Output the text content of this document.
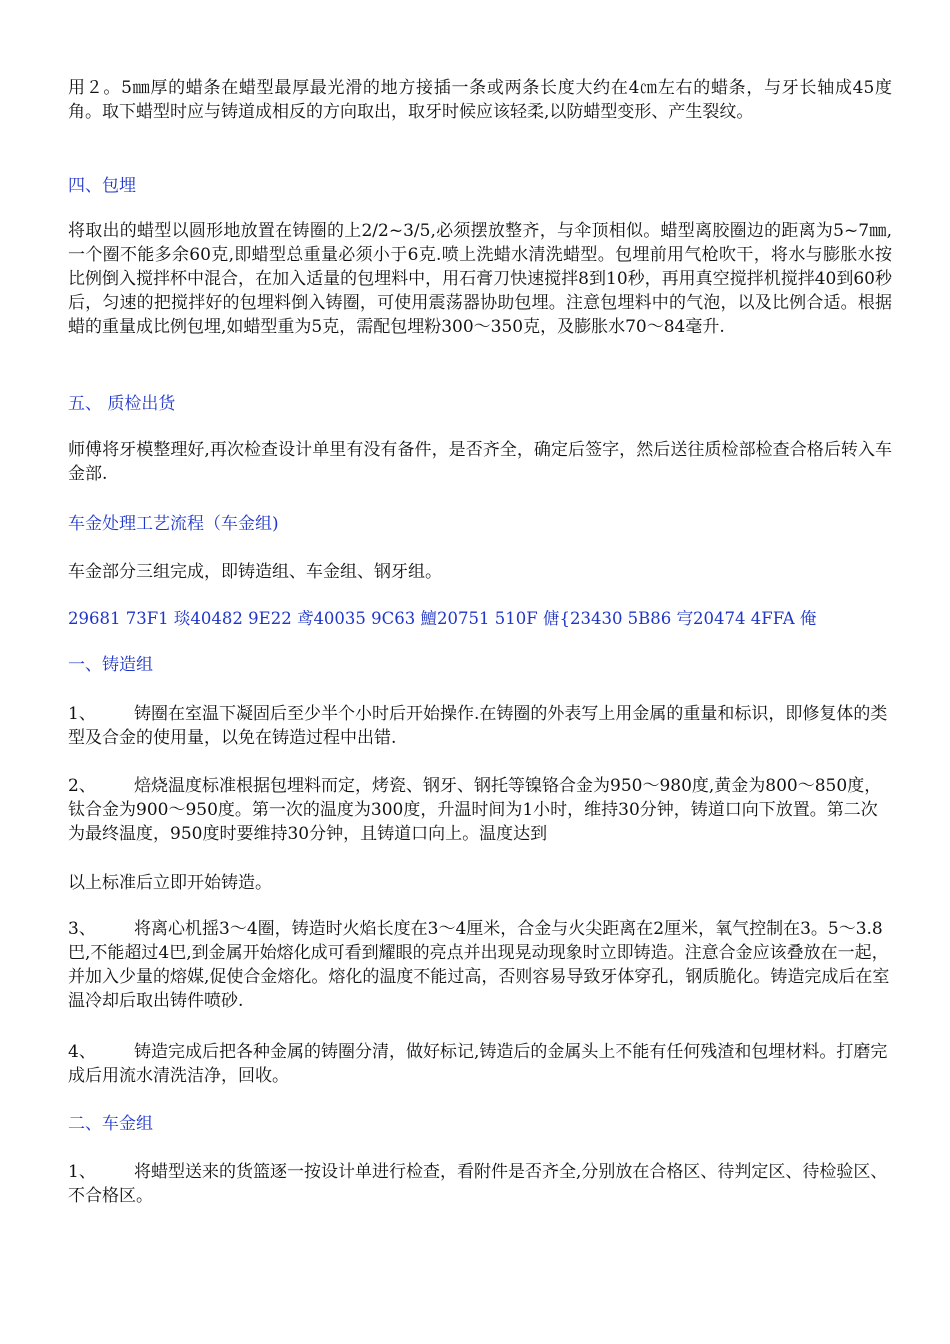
用２。5㎜厚的蜡条在蜡型最厚最光滑的地方接插一条或两条长度大约在4㎝左右的蜡条，与牙长轴成45度角。取下蜡型时应与铸道成相反的方向取出，取牙时候应该轻柔,以防蜡型变形、产生裂纹。

四、包埋

将取出的蜡型以圆形地放置在铸圈的上2/2~3/5,必须摆放整齐，与伞顶相似。蜡型离胶圈边的距离为5~7㎜,一个圈不能多余60克,即蜡型总重量必须小于6克.喷上洗蜡水清洗蜡型。包埋前用气枪吹干，将水与膨胀水按比例倒入搅拌杯中混合，在加入适量的包埋料中，用石膏刀快速搅拌8到10秒，再用真空搅拌机搅拌40到60秒后，匀速的把搅拌好的包埋料倒入铸圈，可使用震荡器协助包埋。注意包埋料中的气泡，以及比例合适。根据蜡的重量成比例包埋,如蜡型重为5克，需配包埋粉300～350克，及膨胀水70～84毫升.

五、 质检出货

师傅将牙模整理好,再次检查设计单里有没有备件，是否齐全，确定后签字，然后送往质检部检查合格后转入车金部.

车金处理工艺流程（车金组)

车金部分三组完成，即铸造组、车金组、钢牙组。

29681 73F1 琰40482 9E22 鸢40035 9C63 鱣20751 510F 傏{23430 5B86 宆20474 4FFA 俺

一、铸造组

1、 铸圈在室温下凝固后至少半个小时后开始操作.在铸圈的外表写上用金属的重量和标识，即修复体的类型及合金的使用量，以免在铸造过程中出错.
2、 焙烧温度标准根据包埋料而定，烤瓷、钢牙、钢托等镍铬合金为950～980度,黄金为800～850度，钛合金为900～950度。第一次的温度为300度，升温时间为1小时，维持30分钟，铸道口向下放置。第二次为最终温度，950度时要维持30分钟，且铸道口向上。温度达到

以上标准后立即开始铸造。

3、 将离心机摇3～4圈，铸造时火焰长度在3～4厘米，合金与火尖距离在2厘米，氧气控制在3。5～3.8巴,不能超过4巴,到金属开始熔化成可看到耀眼的亮点并出现晃动现象时立即铸造。注意合金应该叠放在一起，并加入少量的熔媒,促使合金熔化。熔化的温度不能过高，否则容易导致牙体穿孔，钢质脆化。铸造完成后在室温冷却后取出铸件喷砂.
4、 铸造完成后把各种金属的铸圈分清，做好标记,铸造后的金属头上不能有任何残渣和包埋材料。打磨完成后用流水清洗洁净，回收。

二、车金组

1、 将蜡型送来的货篮逐一按设计单进行检查，看附件是否齐全,分别放在合格区、待判定区、待检验区、不合格区。
